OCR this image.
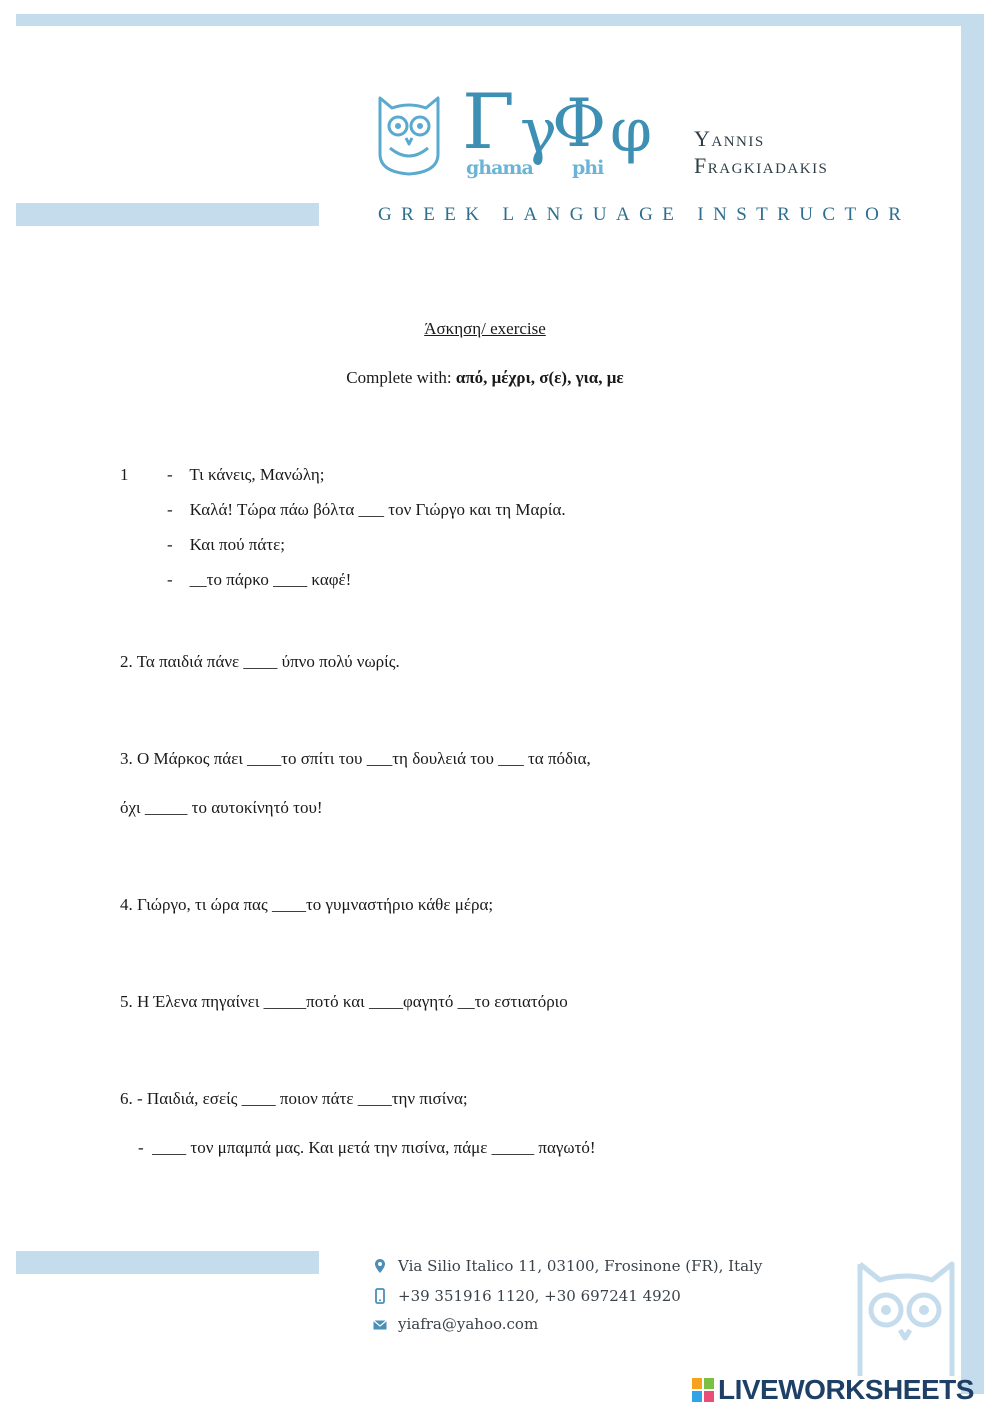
Γ γ
Φ φ
ghama phi
Yannis
Fragkiadakis
GREEK LANGUAGE INSTRUCTOR
Άσκηση/ exercise
Complete with: από, μέχρι, σ(ε), για, με
1 -    Τι κάνεις, Μανώλη;
-    Καλά! Τώρα πάω βόλτα ___ τον Γιώργο και τη Μαρία.
-    Και πού πάτε;
-    __το πάρκο ____ καφέ!
2. Τα παιδιά πάνε ____ ύπνο πολύ νωρίς.
3. Ο Μάρκος πάει ____το σπίτι του ___τη δουλειά του ___ τα πόδια,
όχι _____ το αυτοκίνητό του!
4. Γιώργο, τι ώρα πας ____το γυμναστήριο κάθε μέρα;
5. Η Έλενα πηγαίνει _____ποτό και ____φαγητό __το εστιατόριο
6. - Παιδιά, εσείς ____ ποιον πάτε ____την πισίνα;
-  ____ τον μπαμπά μας. Και μετά την πισίνα, πάμε _____ παγωτό!
Via Silio Italico 11, 03100, Frosinone (FR), Italy
+39 351916 1120, +30 697241 4920
yiafra@yahoo.com
LIVEWORKSHEETS
